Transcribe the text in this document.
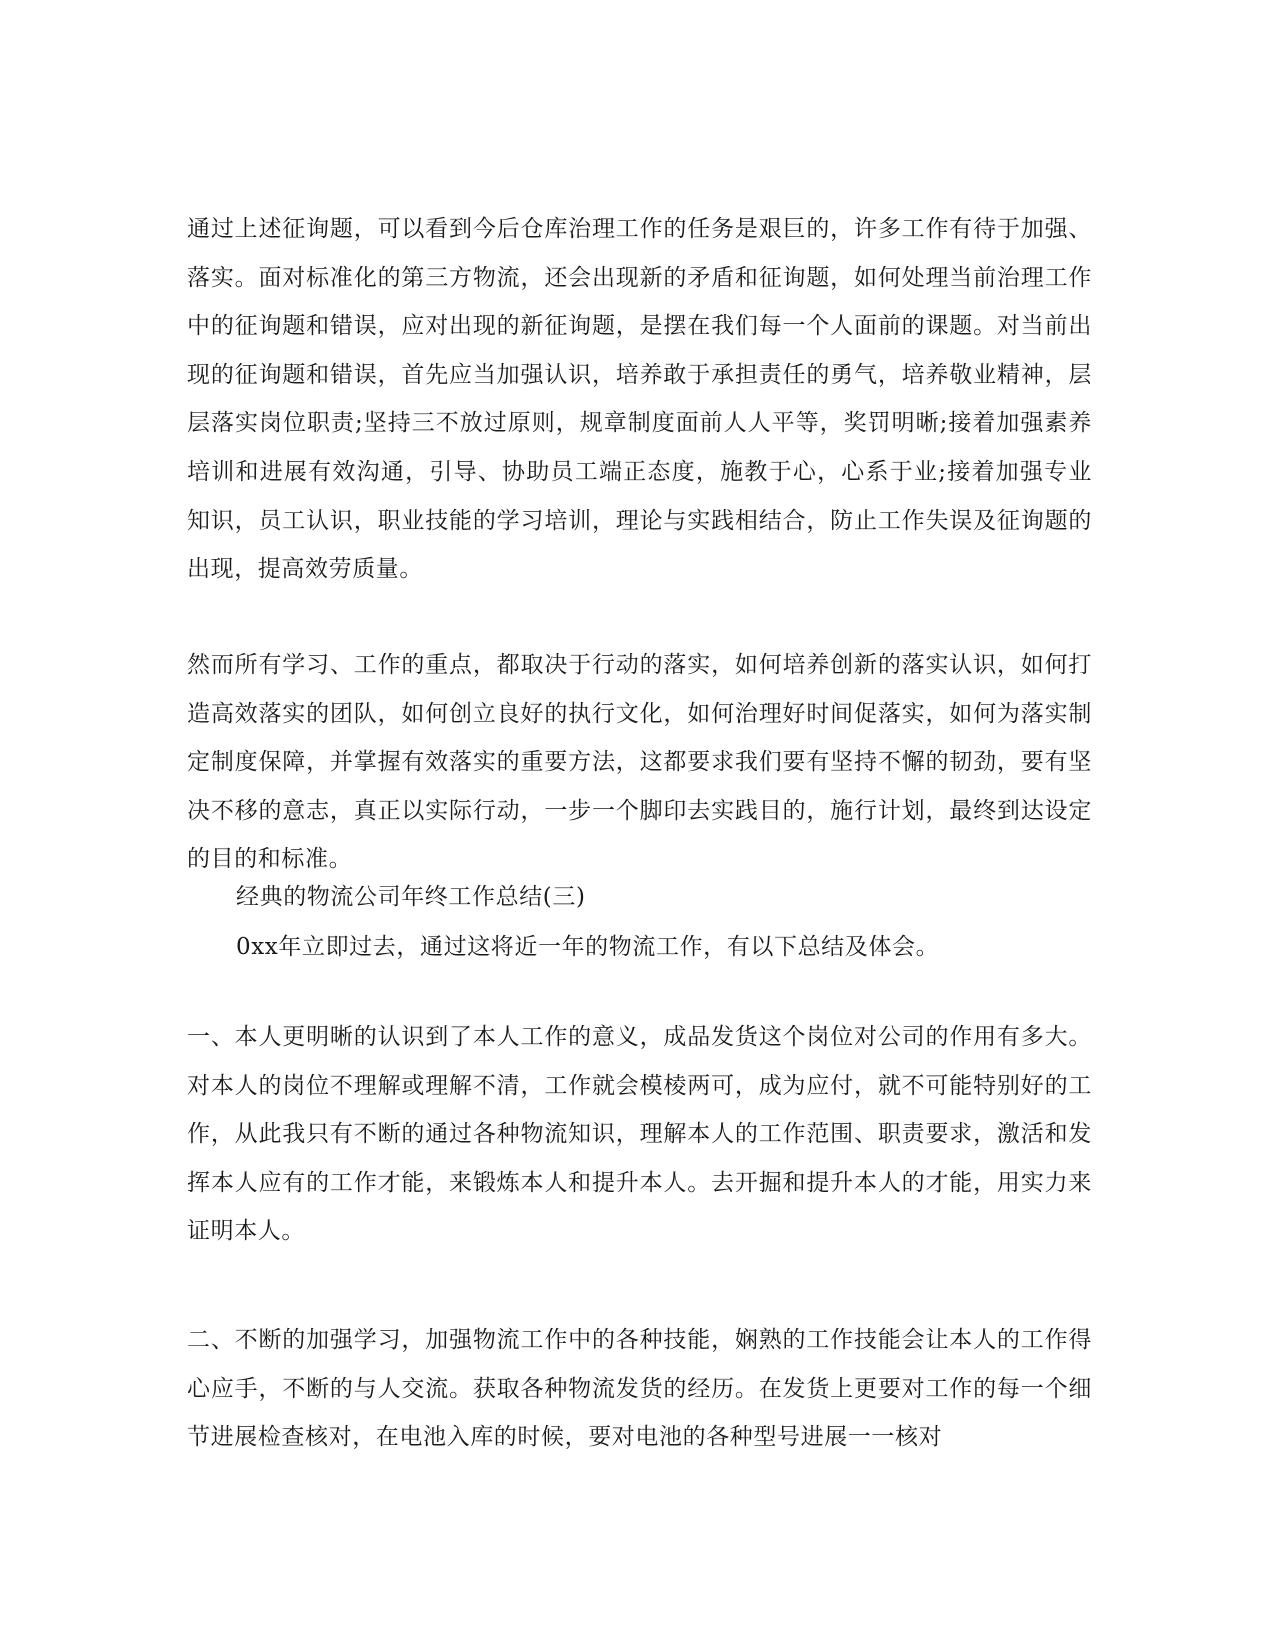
通过上述征询题，可以看到今后仓库治理工作的任务是艰巨的，许多工作有待于加强、落实。面对标准化的第三方物流，还会出现新的矛盾和征询题，如何处理当前治理工作中的征询题和错误，应对出现的新征询题，是摆在我们每一个人面前的课题。对当前出现的征询题和错误，首先应当加强认识，培养敢于承担责任的勇气，培养敬业精神，层层落实岗位职责;坚持三不放过原则，规章制度面前人人平等，奖罚明晰;接着加强素养培训和进展有效沟通，引导、协助员工端正态度，施教于心，心系于业;接着加强专业知识，员工认识，职业技能的学习培训，理论与实践相结合，防止工作失误及征询题的出现，提高效劳质量。

然而所有学习、工作的重点，都取决于行动的落实，如何培养创新的落实认识，如何打造高效落实的团队，如何创立良好的执行文化，如何治理好时间促落实，如何为落实制定制度保障，并掌握有效落实的重要方法，这都要求我们要有坚持不懈的韧劲，要有坚决不移的意志，真正以实际行动，一步一个脚印去实践目的，施行计划，最终到达设定的目的和标准。

经典的物流公司年终工作总结(三)

0xx年立即过去，通过这将近一年的物流工作，有以下总结及体会。

一、本人更明晰的认识到了本人工作的意义，成品发货这个岗位对公司的作用有多大。对本人的岗位不理解或理解不清，工作就会模棱两可，成为应付，就不可能特别好的工作，从此我只有不断的通过各种物流知识，理解本人的工作范围、职责要求，激活和发挥本人应有的工作才能，来锻炼本人和提升本人。去开掘和提升本人的才能，用实力来证明本人。

二、不断的加强学习，加强物流工作中的各种技能，娴熟的工作技能会让本人的工作得心应手，不断的与人交流。获取各种物流发货的经历。在发货上更要对工作的每一个细节进展检查核对，在电池入库的时候，要对电池的各种型号进展一一核对
